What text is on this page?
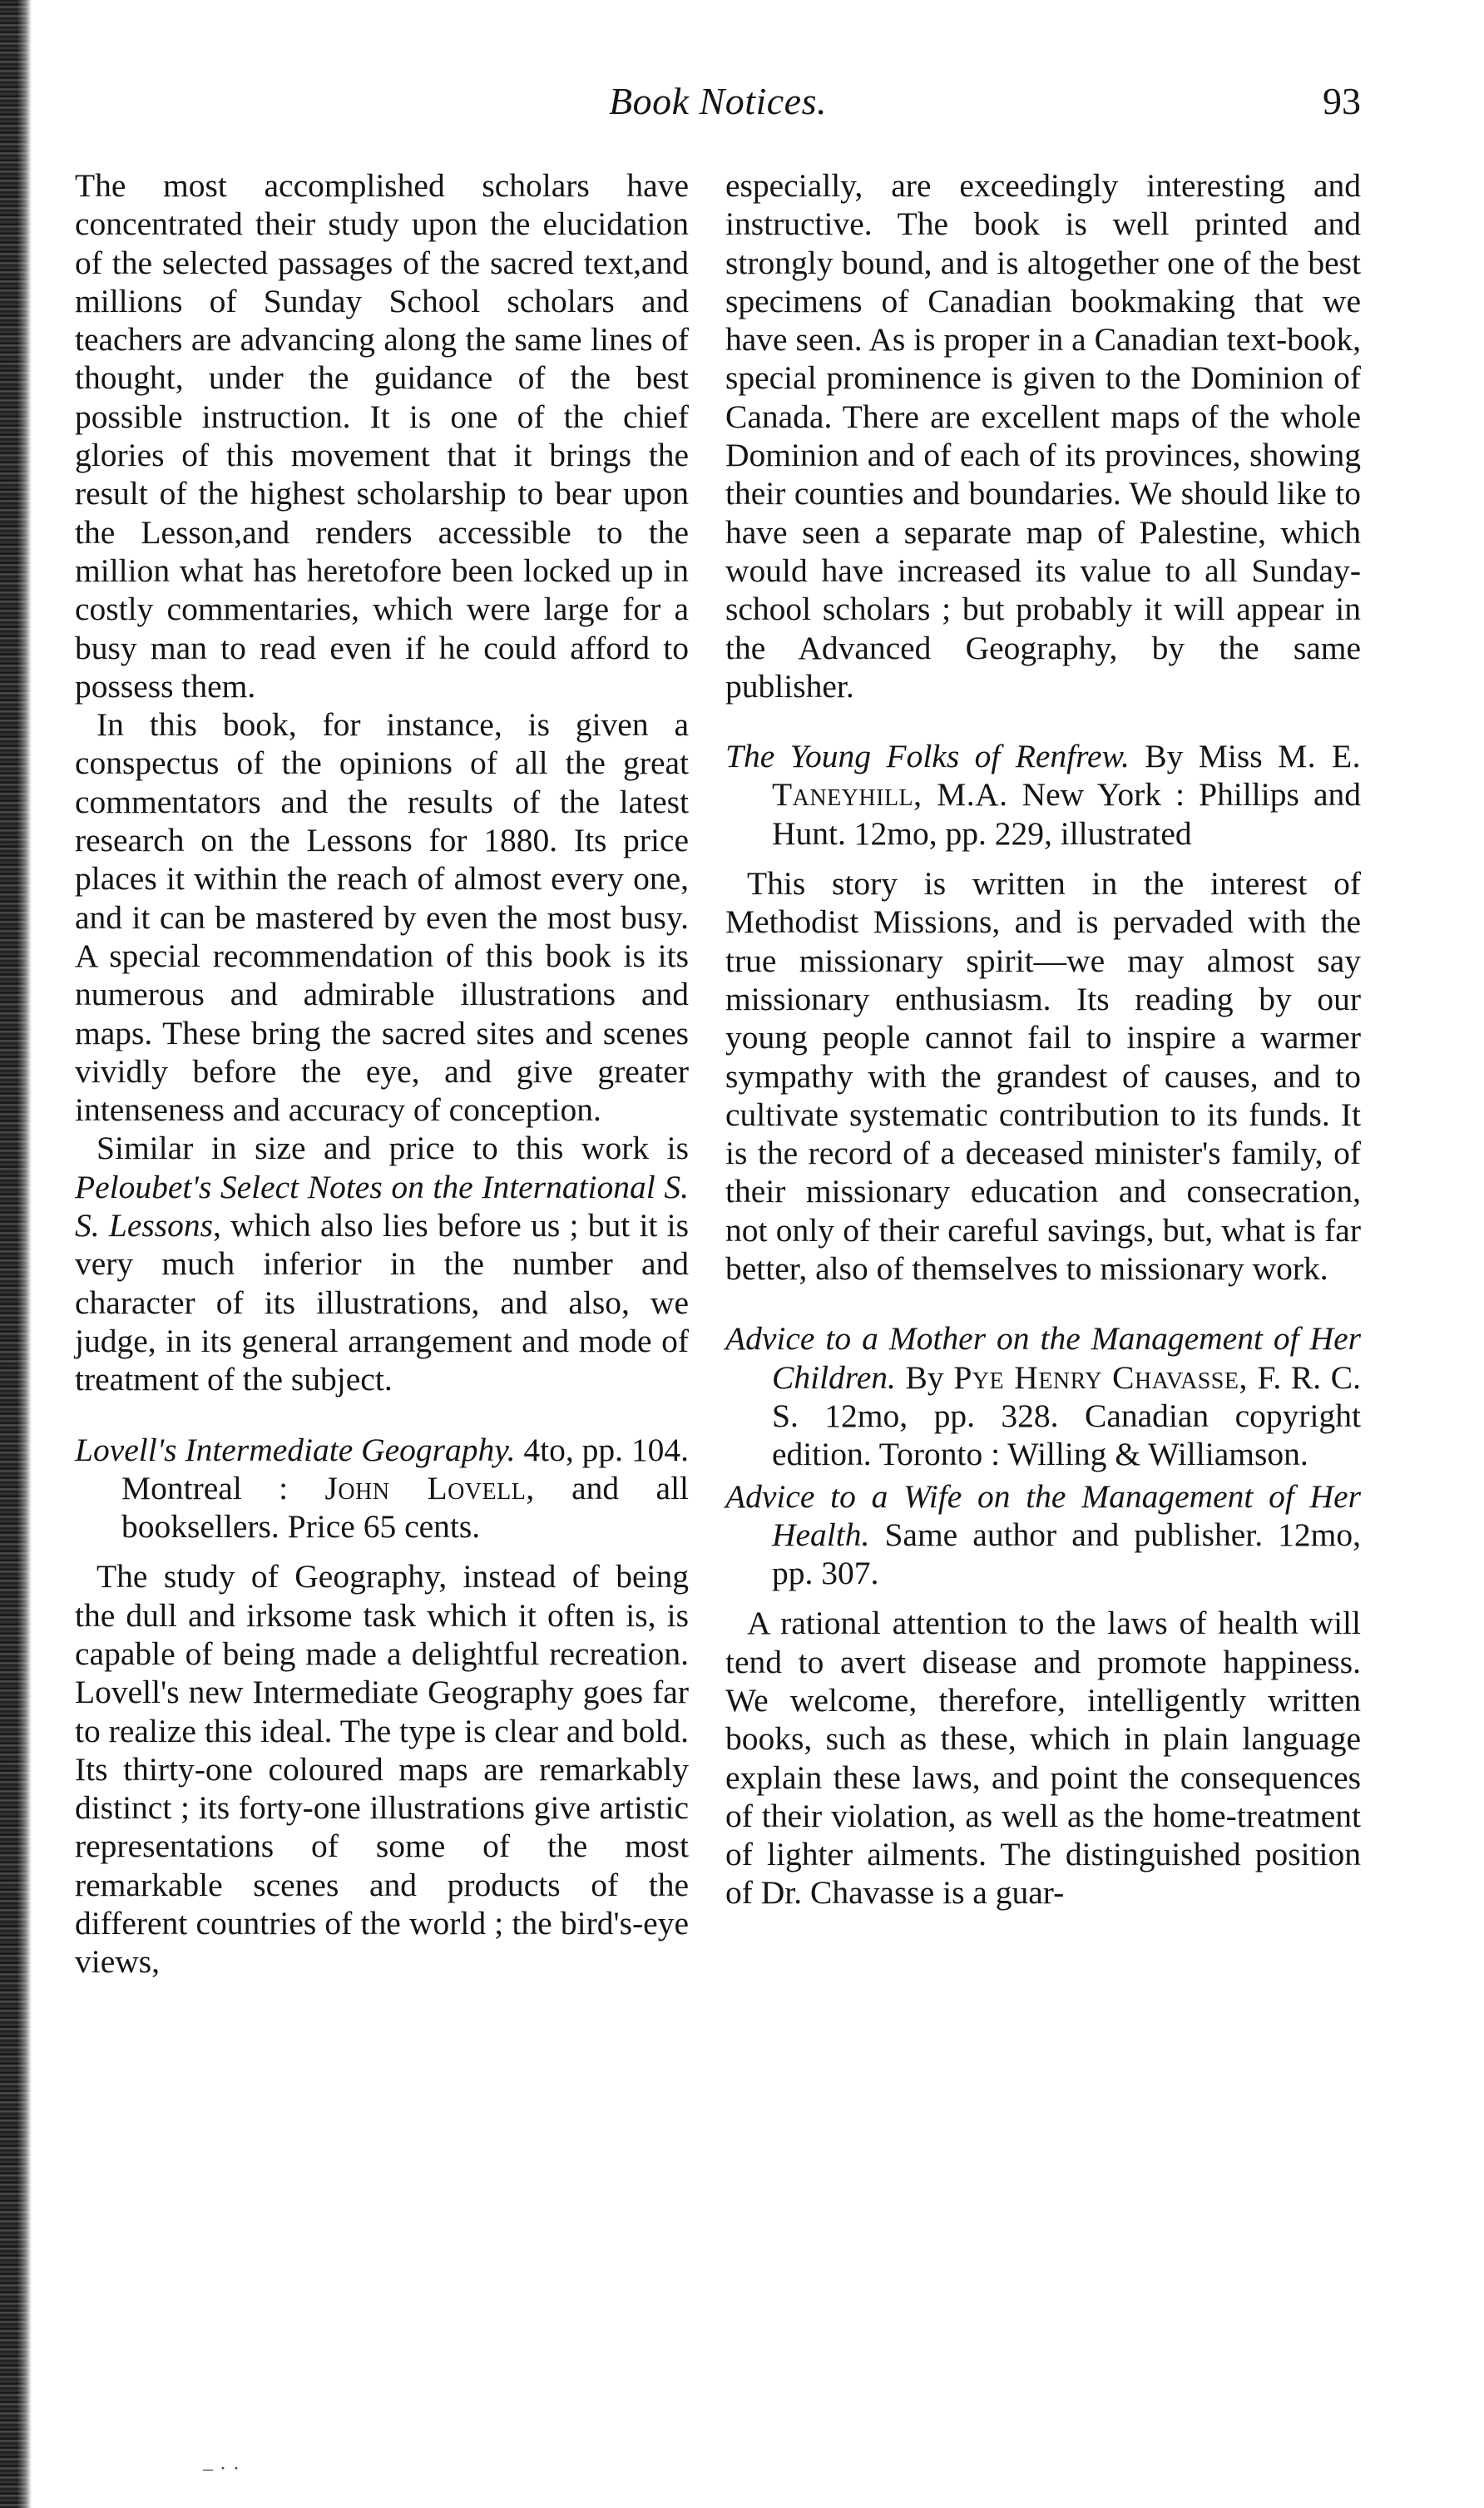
Book Notices.	93

The most accomplished scholars have concentrated their study upon the elucidation of the selected passages of the sacred text,and millions of Sunday School scholars and teachers are advancing along the same lines of thought, under the guidance of the best possible instruction. It is one of the chief glories of this movement that it brings the result of the highest scholarship to bear upon the Lesson,and renders accessible to the million what has heretofore been locked up in costly commentaries, which were large for a busy man to read even if he could afford to possess them.

In this book, for instance, is given a conspectus of the opinions of all the great commentators and the results of the latest research on the Lessons for 1880. Its price places it within the reach of almost every one, and it can be mastered by even the most busy. A special recommendation of this book is its numerous and admirable illustrations and maps. These bring the sacred sites and scenes vividly before the eye, and give greater intenseness and accuracy of conception.

Similar in size and price to this work is Peloubet's Select Notes on the International S. S. Lessons, which also lies before us ; but it is very much inferior in the number and character of its illustrations, and also, we judge, in its general arrangement and mode of treatment of the subject.

Lovell's Intermediate Geography. 4to, pp. 104. Montreal : John Lovell, and all booksellers. Price 65 cents.

The study of Geography, instead of being the dull and irksome task which it often is, is capable of being made a delightful recreation. Lovell's new Intermediate Geography goes far to realize this ideal. The type is clear and bold. Its thirty-one coloured maps are remarkably distinct ; its forty-one illustrations give artistic representations of some of the most remarkable scenes and products of the different countries of the world ; the bird's-eye views,

especially, are exceedingly interesting and instructive. The book is well printed and strongly bound, and is altogether one of the best specimens of Canadian bookmaking that we have seen. As is proper in a Canadian text-book, special prominence is given to the Dominion of Canada. There are excellent maps of the whole Dominion and of each of its provinces, showing their counties and boundaries. We should like to have seen a separate map of Palestine, which would have increased its value to all Sunday-school scholars ; but probably it will appear in the Advanced Geography, by the same publisher.

The Young Folks of Renfrew. By Miss M. E. Taneyhill, M.A. New York : Phillips and Hunt. 12mo, pp. 229, illustrated

This story is written in the interest of Methodist Missions, and is pervaded with the true missionary spirit—we may almost say missionary enthusiasm. Its reading by our young people cannot fail to inspire a warmer sympathy with the grandest of causes, and to cultivate systematic contribution to its funds. It is the record of a deceased minister's family, of their missionary education and consecration, not only of their careful savings, but, what is far better, also of themselves to missionary work.

Advice to a Mother on the Management of Her Children. By Pye Henry Chavasse, F. R. C. S. 12mo, pp. 328. Canadian copyright edition. Toronto : Willing & Williamson.
Advice to a Wife on the Management of Her Health. Same author and publisher. 12mo, pp. 307.

A rational attention to the laws of health will tend to avert disease and promote happiness. We welcome, therefore, intelligently written books, such as these, which in plain language explain these laws, and point the consequences of their violation, as well as the home-treatment of lighter ailments. The distinguished position of Dr. Chavasse is a guar-

‒··
